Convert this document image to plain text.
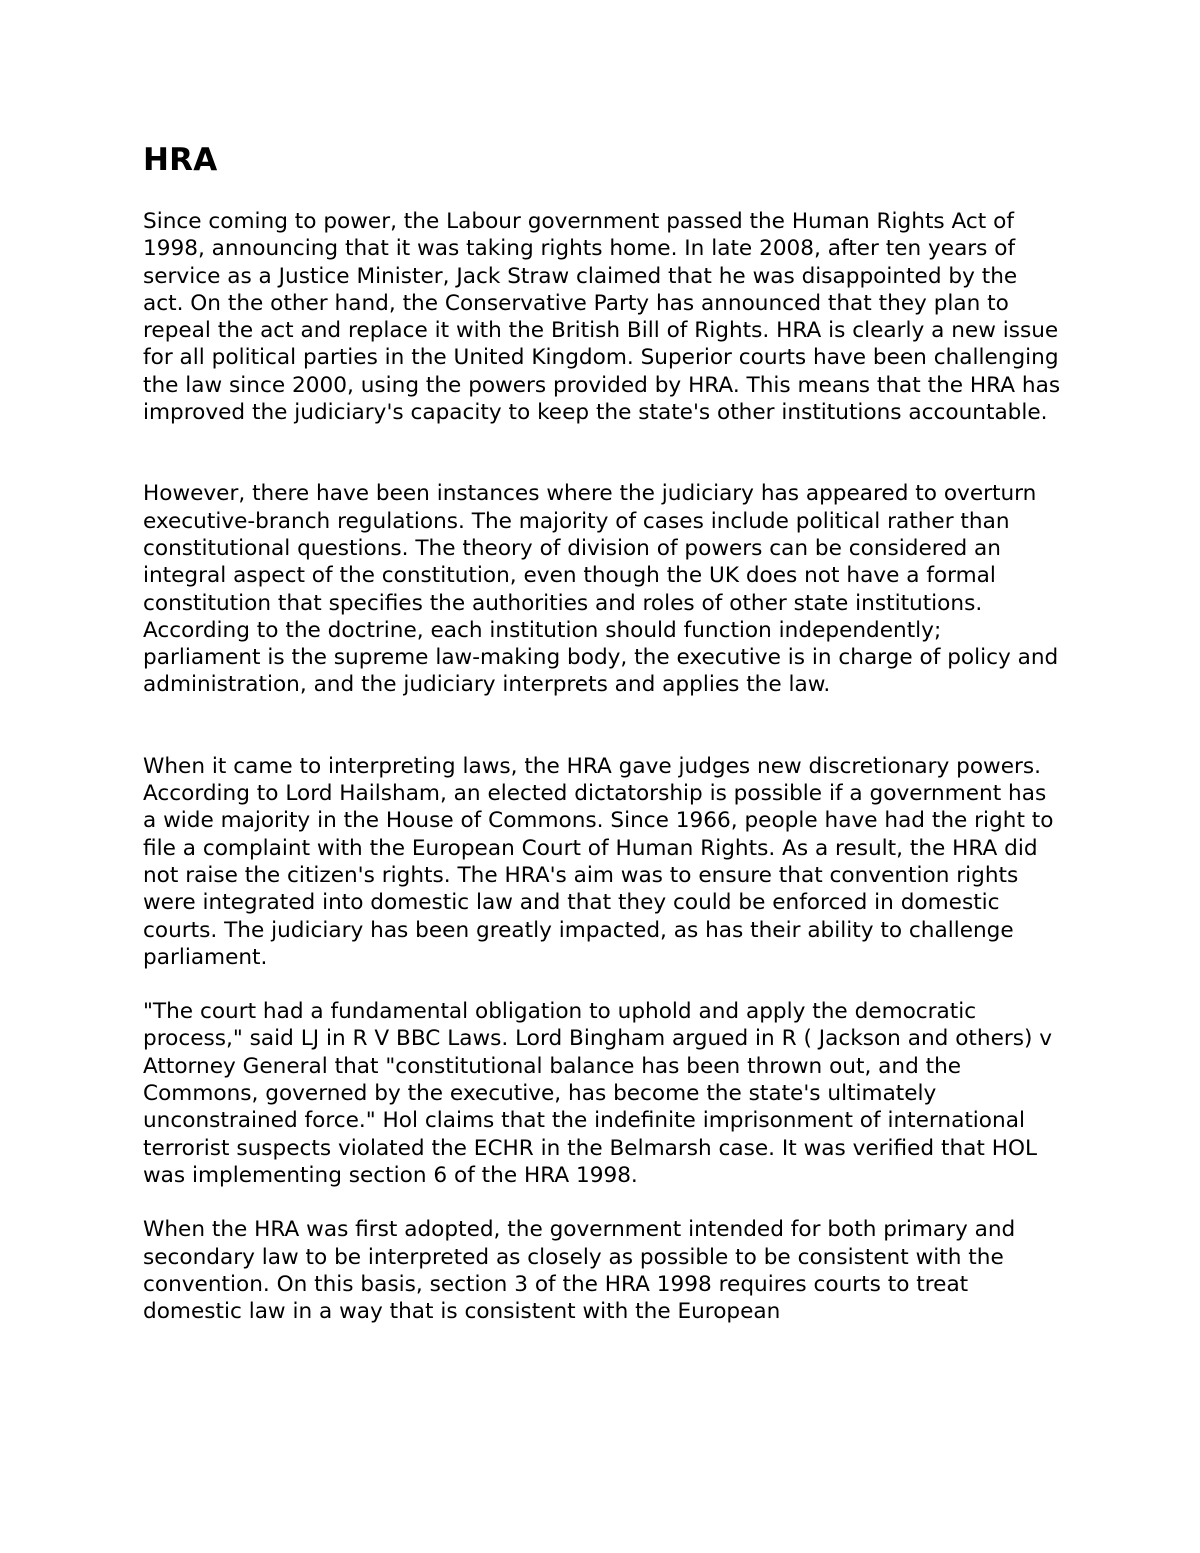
HRA

Since coming to power, the Labour government passed the Human Rights Act of 1998, announcing that it was taking rights home. In late 2008, after ten years of service as a Justice Minister, Jack Straw claimed that he was disappointed by the act. On the other hand, the Conservative Party has announced that they plan to repeal the act and replace it with the British Bill of Rights. HRA is clearly a new issue for all political parties in the United Kingdom. Superior courts have been challenging the law since 2000, using the powers provided by HRA. This means that the HRA has improved the judiciary's capacity to keep the state's other institutions accountable.

However, there have been instances where the judiciary has appeared to overturn executive-branch regulations. The majority of cases include political rather than constitutional questions. The theory of division of powers can be considered an integral aspect of the constitution, even though the UK does not have a formal constitution that specifies the authorities and roles of other state institutions. According to the doctrine, each institution should function independently; parliament is the supreme law-making body, the executive is in charge of policy and administration, and the judiciary interprets and applies the law.

When it came to interpreting laws, the HRA gave judges new discretionary powers. According to Lord Hailsham, an elected dictatorship is possible if a government has a wide majority in the House of Commons. Since 1966, people have had the right to file a complaint with the European Court of Human Rights. As a result, the HRA did not raise the citizen's rights. The HRA's aim was to ensure that convention rights were integrated into domestic law and that they could be enforced in domestic courts. The judiciary has been greatly impacted, as has their ability to challenge parliament.

"The court had a fundamental obligation to uphold and apply the democratic process," said LJ in R V BBC Laws. Lord Bingham argued in R ( Jackson and others) v Attorney General that "constitutional balance has been thrown out, and the Commons, governed by the executive, has become the state's ultimately unconstrained force." Hol claims that the indefinite imprisonment of international terrorist suspects violated the ECHR in the Belmarsh case. It was verified that HOL was implementing section 6 of the HRA 1998.

When the HRA was first adopted, the government intended for both primary and secondary law to be interpreted as closely as possible to be consistent with the convention. On this basis, section 3 of the HRA 1998 requires courts to treat domestic law in a way that is consistent with the European
